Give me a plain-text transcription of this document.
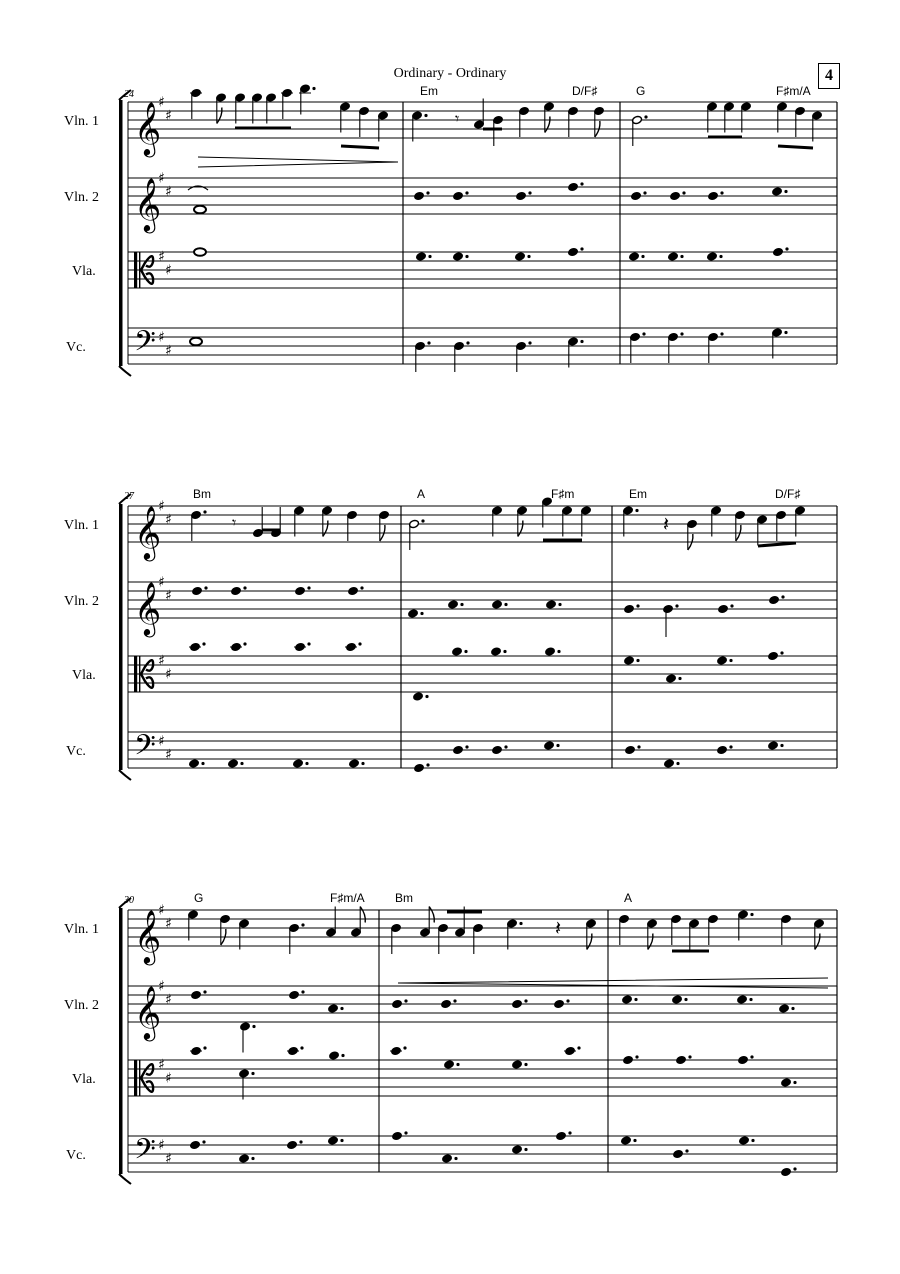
Ordinary - Ordinary	4
24	Em	D/F♯	G	F♯m/A
Vln. 1 𝄞
♯
♯
Vln. 2 𝄞
♯
♯
Vla.
♯
♯
Vc. 𝄢 ♯
♯
27	Bm	A	F♯m	Em	D/F♯
Vln. 1 𝄞
♯
♯
Vln. 2 𝄞
♯
♯
Vla.
♯
♯
Vc. 𝄢 ♯
♯
30	G	F♯m/A	Bm	A
Vln. 1 𝄞
♯
♯
Vln. 2 𝄞
♯
♯
Vla.
♯
♯
Vc. 𝄢 ♯
♯
𝄾
𝄾	𝄽
𝄽
